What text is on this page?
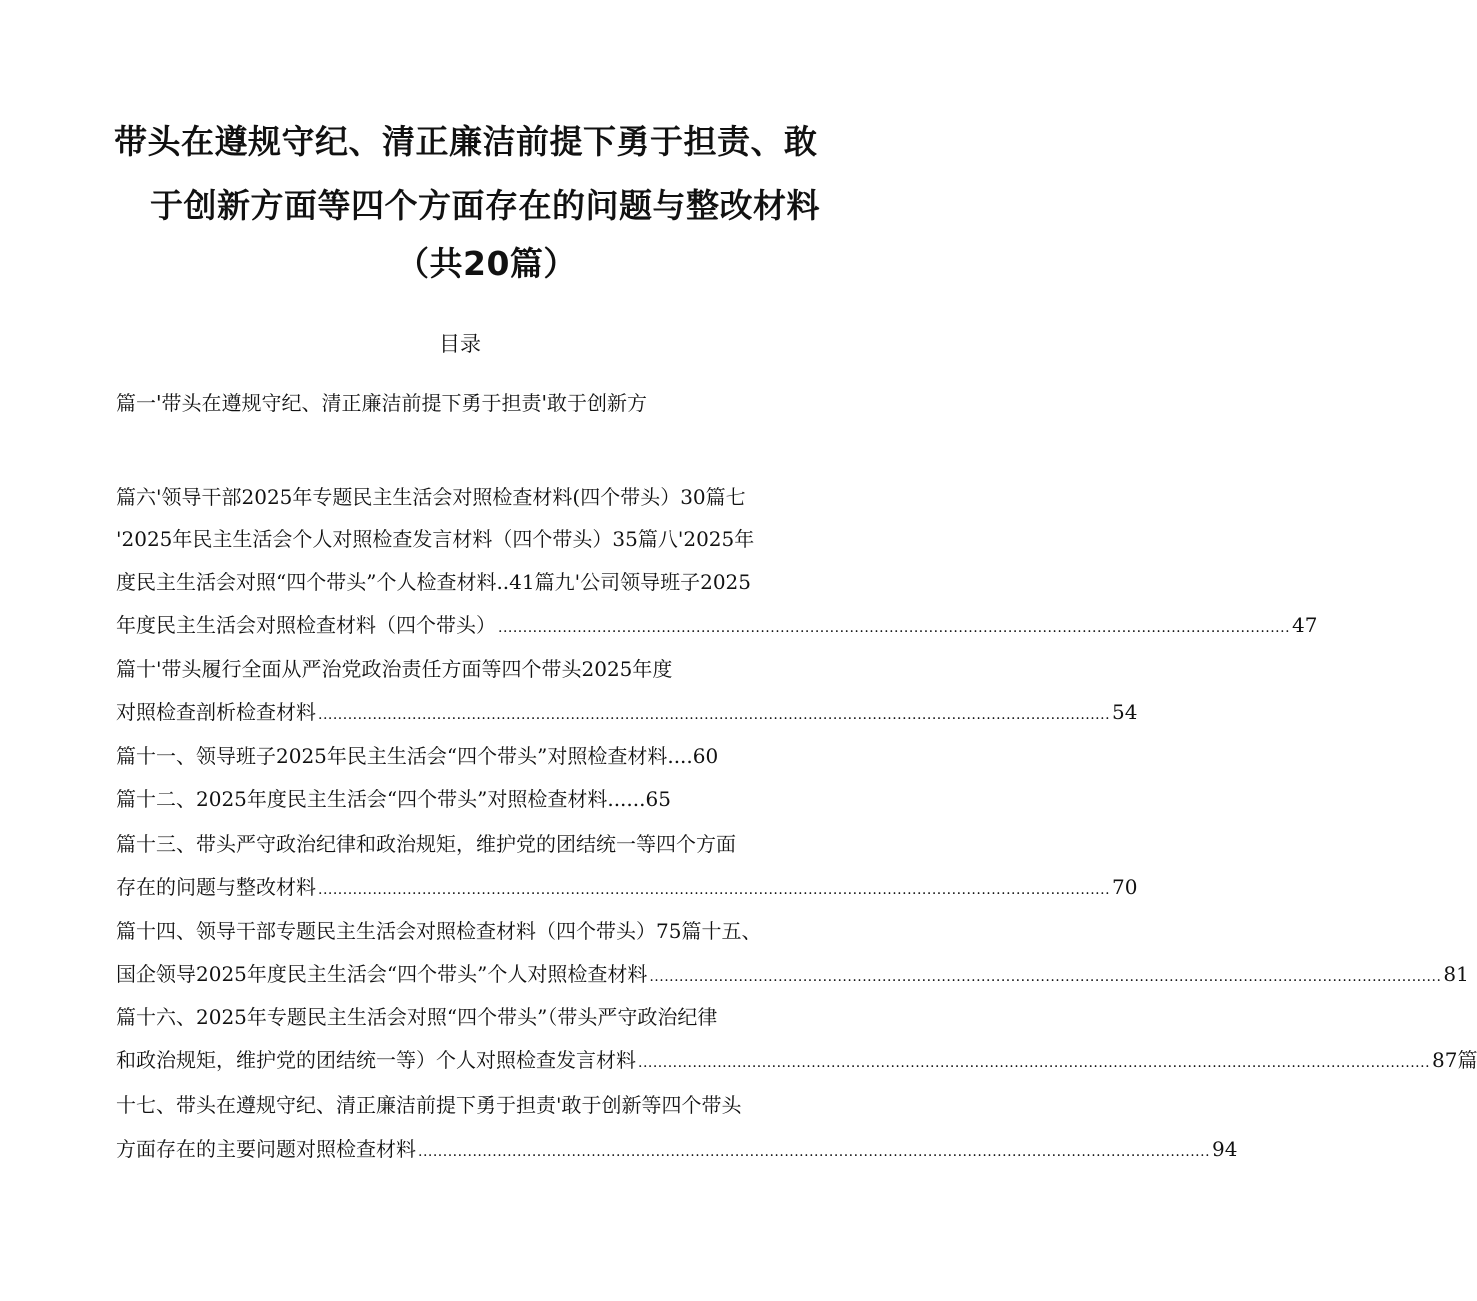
带头在遵规守纪、清正廉洁前提下勇于担责、敢
于创新方面等四个方面存在的问题与整改材料
（共20篇）
目录
篇一'带头在遵规守纪、清正廉洁前提下勇于担责'敢于创新方
篇六'领导干部2025年专题民主生活会对照检查材料(四个带头）30篇七
'2025年民主生活会个人对照检查发言材料（四个带头）35篇八'2025年
度民主生活会对照“四个带头”个人检查材料..41篇九'公司领导班子2025
年度民主生活会对照检查材料（四个带头） ................................................................................................................................................................ 47
篇十'带头履行全面从严治党政治责任方面等四个带头2025年度
对照检查剖析检查材料 ................................................................................................................................................................ 54
篇十一、领导班子2025年民主生活会“四个带头”对照检查材料....60
篇十二、2025年度民主生活会“四个带头”对照检查材料......65
篇十三、带头严守政治纪律和政治规矩，维护党的团结统一等四个方面
存在的问题与整改材料 ................................................................................................................................................................ 70
篇十四、领导干部专题民主生活会对照检查材料（四个带头）75篇十五、
国企领导2025年度民主生活会“四个带头”个人对照检查材料 ................................................................................................................................................................ 81
篇十六、2025年专题民主生活会对照“四个带头”（带头严守政治纪律
和政治规矩，维护党的团结统一等）个人对照检查发言材料 ................................................................................................................................................................ 87篇
十七、带头在遵规守纪、清正廉洁前提下勇于担责'敢于创新等四个带头
方面存在的主要问题对照检查材料 ................................................................................................................................................................ 94
